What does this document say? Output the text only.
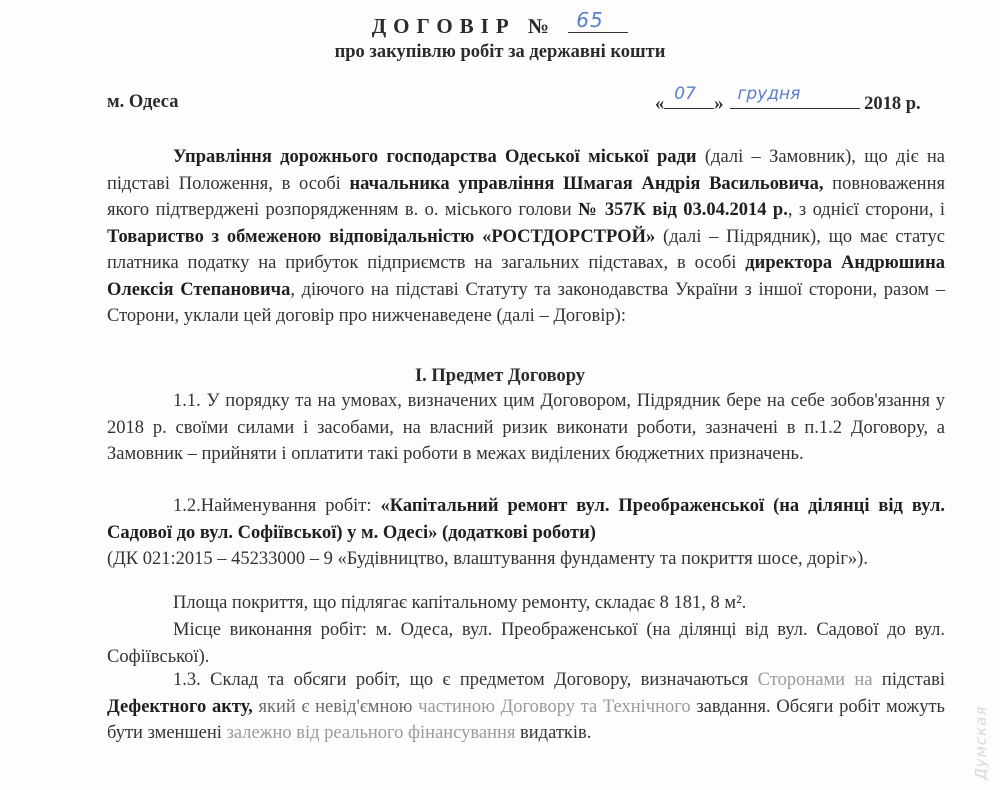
ДОГОВІР № 65
про закупівлю робіт за державні кошти
м. Одеса	« 07 » грудня	2018 р.
Управління дорожнього господарства Одеської міської ради (далі – Замовник), що діє на підставі Положення, в особі начальника управління Шмагая Андрія Васильовича, повноваження якого підтверджені розпорядженням в. о. міського голови № 357К від 03.04.2014 р., з однієї сторони, і Товариство з обмеженою відповідальністю «РОСТДОРСТРОЙ» (далі – Підрядник), що має статус платника податку на прибуток підприємств на загальних підставах, в особі директора Андрюшина Олексія Степановича, діючого на підставі Статуту та законодавства України з іншої сторони, разом – Сторони, уклали цей договір про нижченаведене (далі – Договір):
І. Предмет Договору
1.1. У порядку та на умовах, визначених цим Договором, Підрядник бере на себе зобов'язання у 2018 р. своїми силами і засобами, на власний ризик виконати роботи, зазначені в п.1.2 Договору, а Замовник – прийняти і оплатити такі роботи в межах виділених бюджетних призначень.
1.2.Найменування робіт: «Капітальний ремонт вул. Преображенської (на ділянці від вул. Садової до вул. Софіївської) у м. Одесі» (додаткові роботи)
(ДК 021:2015 – 45233000 – 9 «Будівництво, влаштування фундаменту та покриття шосе, доріг»).
Площа покриття, що підлягає капітальному ремонту, складає 8 181, 8 м².
Місце виконання робіт: м. Одеса, вул. Преображенської (на ділянці від вул. Садової до вул. Софіївської).
1.3. Склад та обсяги робіт, що є предметом Договору, визначаються Сторонами на підставі Дефектного акту, який є невід'ємною частиною Договору та Технічного завдання. Обсяги робіт можуть бути зменшені залежно від реального фінансування видатків.	Думская
